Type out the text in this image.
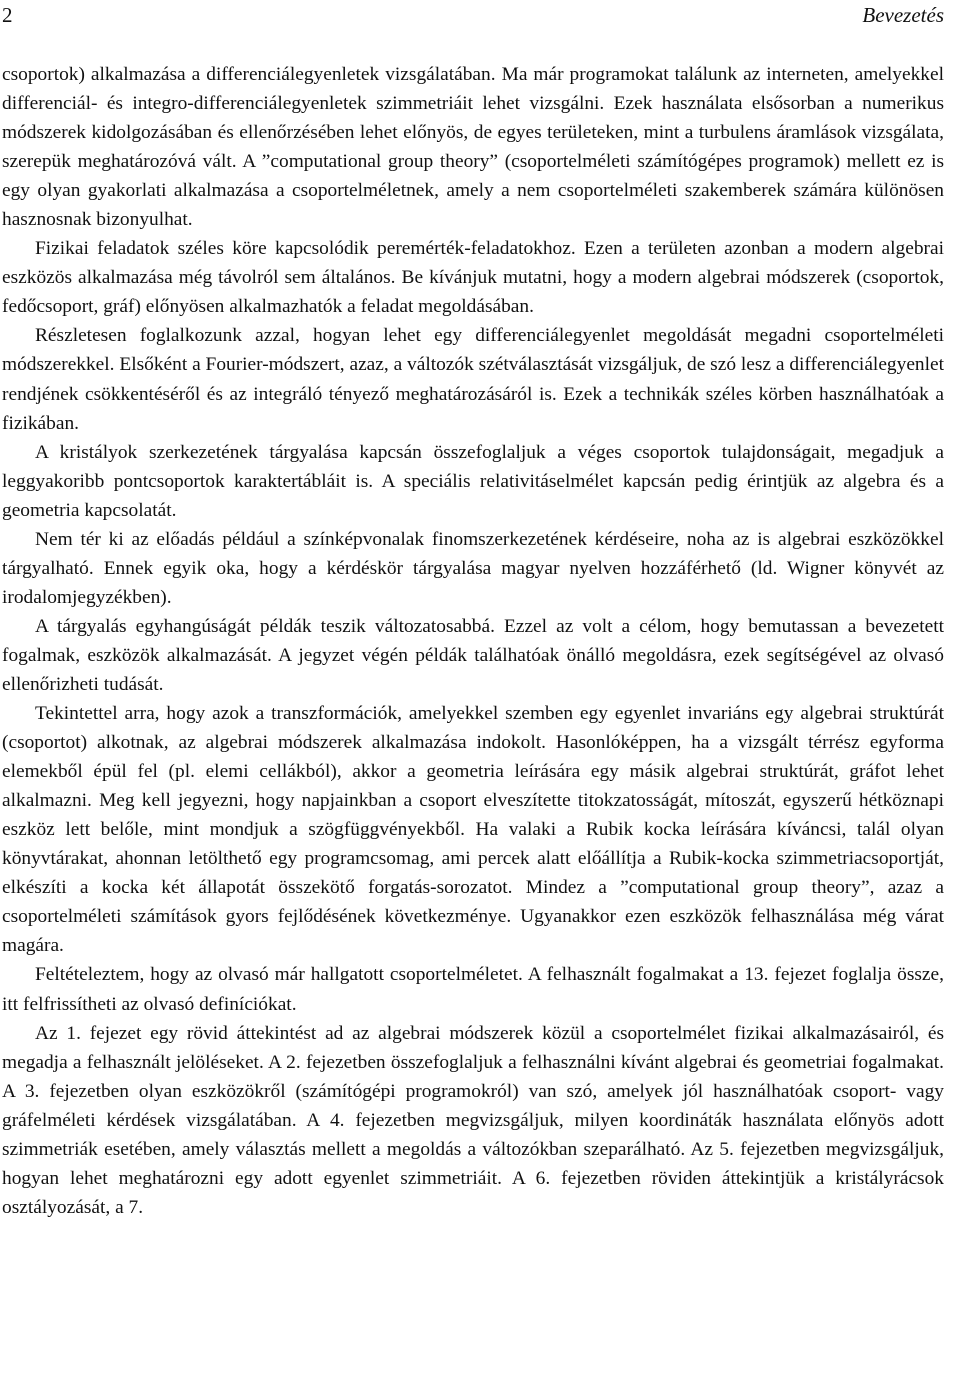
2	Bevezetés

csoportok) alkalmazása a differenciálegyenletek vizsgálatában. Ma már programokat találunk az interneten, amelyekkel differenciál- és integro-differenciálegyenletek szimmetriáit lehet vizsgálni. Ezek használata elsősorban a numerikus módszerek kidolgozásában és ellenőrzésében lehet előnyös, de egyes területeken, mint a turbulens áramlások vizsgálata, szerepük meghatározóvá vált. A ”computational group theory” (csoportelméleti számítógépes programok) mellett ez is egy olyan gyakorlati alkalmazása a csoportelméletnek, amely a nem csoportelméleti szakemberek számára különösen hasznosnak bizonyulhat.

Fizikai feladatok széles köre kapcsolódik peremérték-feladatokhoz. Ezen a területen azonban a modern algebrai eszközös alkalmazása még távolról sem általános. Be kívánjuk mutatni, hogy a modern algebrai módszerek (csoportok, fedőcsoport, gráf) előnyösen alkalmazhatók a feladat megoldásában.

Részletesen foglalkozunk azzal, hogyan lehet egy differenciálegyenlet megoldását megadni csoportelméleti módszerekkel. Elsőként a Fourier-módszert, azaz, a változók szétválasztását vizsgáljuk, de szó lesz a differenciálegyenlet rendjének csökkentéséről és az integráló tényező meghatározásáról is. Ezek a technikák széles körben használhatóak a fizikában.

A kristályok szerkezetének tárgyalása kapcsán összefoglaljuk a véges csoportok tulajdonságait, megadjuk a leggyakoribb pontcsoportok karaktertábláit is. A speciális relativitáselmélet kapcsán pedig érintjük az algebra és a geometria kapcsolatát.

Nem tér ki az előadás például a színképvonalak finomszerkezetének kérdéseire, noha az is algebrai eszközökkel tárgyalható. Ennek egyik oka, hogy a kérdéskör tárgyalása magyar nyelven hozzáférhető (ld. Wigner könyvét az irodalomjegyzékben).

A tárgyalás egyhangúságát példák teszik változatosabbá. Ezzel az volt a célom, hogy bemutassan a bevezetett fogalmak, eszközök alkalmazását. A jegyzet végén példák találhatóak önálló megoldásra, ezek segítségével az olvasó ellenőrizheti tudását.

Tekintettel arra, hogy azok a transzformációk, amelyekkel szemben egy egyenlet invariáns egy algebrai struktúrát (csoportot) alkotnak, az algebrai módszerek alkalmazása indokolt. Hasonlóképpen, ha a vizsgált térrész egyforma elemekből épül fel (pl. elemi cellákból), akkor a geometria leírására egy másik algebrai struktúrát, gráfot lehet alkalmazni. Meg kell jegyezni, hogy napjainkban a csoport elveszítette titokzatosságát, mítoszát, egyszerű hétköznapi eszköz lett belőle, mint mondjuk a szögfüggvényekből. Ha valaki a Rubik kocka leírására kíváncsi, talál olyan könyvtárakat, ahonnan letölthető egy programcsomag, ami percek alatt előállítja a Rubik-kocka szimmetriacsoportját, elkészíti a kocka két állapotát összekötő forgatás-sorozatot. Mindez a ”computational group theory”, azaz a csoportelméleti számítások gyors fejlődésének következménye. Ugyanakkor ezen eszközök felhasználása még várat magára.

Feltételeztem, hogy az olvasó már hallgatott csoportelméletet. A felhasznált fogalmakat a 13. fejezet foglalja össze, itt felfrissítheti az olvasó definíciókat.

Az 1. fejezet egy rövid áttekintést ad az algebrai módszerek közül a csoportelmélet fizikai alkalmazásairól, és megadja a felhasznált jelöléseket. A 2. fejezetben összefoglaljuk a felhasználni kívánt algebrai és geometriai fogalmakat. A 3. fejezetben olyan eszközökről (számítógépi programokról) van szó, amelyek jól használhatóak csoport- vagy gráfelméleti kérdések vizsgálatában. A 4. fejezetben megvizsgáljuk, milyen koordináták használata előnyös adott szimmetriák esetében, amely választás mellett a megoldás a változókban szeparálható. Az 5. fejezetben megvizsgáljuk, hogyan lehet meghatározni egy adott egyenlet szimmetriáit. A 6. fejezetben röviden áttekintjük a kristályrácsok osztályozását, a 7.
